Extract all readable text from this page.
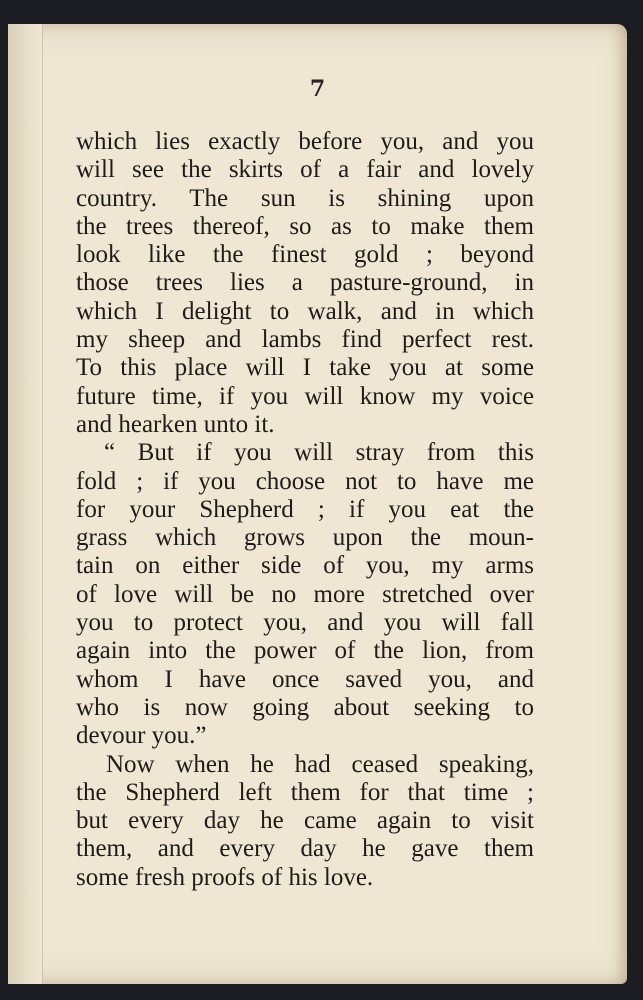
7
which lies exactly before you, and you
will see the skirts of a fair and lovely
country. The sun is shining upon
the trees thereof, so as to make them
look like the finest gold ; beyond
those trees lies a pasture-ground, in
which I delight to walk, and in which
my sheep and lambs find perfect rest.
To this place will I take you at some
future time, if you will know my voice
and hearken unto it.
“ But if you will stray from this
fold ; if you choose not to have me
for your Shepherd ; if you eat the
grass which grows upon the moun-
tain on either side of you, my arms
of love will be no more stretched over
you to protect you, and you will fall
again into the power of the lion, from
whom I have once saved you, and
who is now going about seeking to
devour you.”
Now when he had ceased speaking,
the Shepherd left them for that time ;
but every day he came again to visit
them, and every day he gave them
some fresh proofs of his love.
